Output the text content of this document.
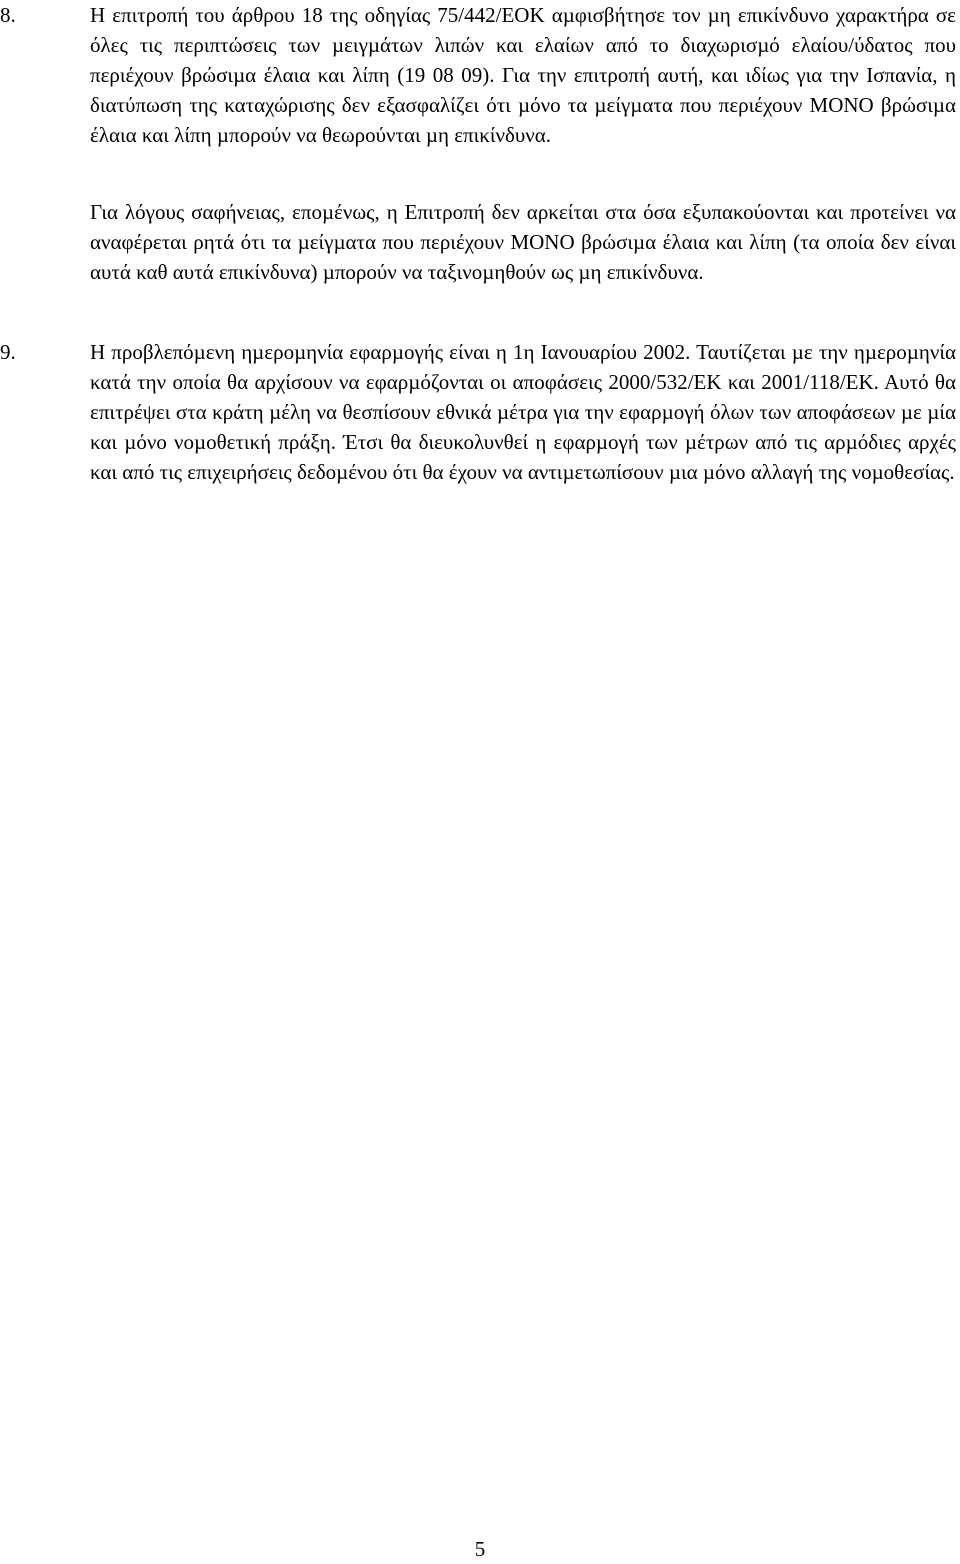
8.	Η επιτροπή του άρθρου 18 της οδηγίας 75/442/ΕΟΚ αµφισβήτησε τον µη επικίνδυνο χαρακτήρα σε όλες τις περιπτώσεις των µειγµάτων λιπών και ελαίων από το διαχωρισµό ελαίου/ύδατος που περιέχουν βρώσιµα έλαια και λίπη (19 08 09). Για την επιτροπή αυτή, και ιδίως για την Ισπανία, η διατύπωση της καταχώρισης δεν εξασφαλίζει ότι µόνο τα µείγµατα που περιέχουν ΜΟΝΟ βρώσιµα έλαια και λίπη µπορούν να θεωρούνται µη επικίνδυνα.

Για λόγους σαφήνειας, εποµένως, η Επιτροπή δεν αρκείται στα όσα εξυπακούονται και προτείνει να αναφέρεται ρητά ότι τα µείγµατα που περιέχουν ΜΟΝΟ βρώσιµα έλαια και λίπη (τα οποία δεν είναι αυτά καθ αυτά επικίνδυνα) µπορούν να ταξινοµηθούν ως µη επικίνδυνα.

9.	Η προβλεπόµενη ηµεροµηνία εφαρµογής είναι η 1η Ιανουαρίου 2002. Ταυτίζεται µε την ηµεροµηνία κατά την οποία θα αρχίσουν να εφαρµόζονται οι αποφάσεις 2000/532/ΕΚ και 2001/118/ΕΚ. Αυτό θα επιτρέψει στα κράτη µέλη να θεσπίσουν εθνικά µέτρα για την εφαρµογή όλων των αποφάσεων µε µία και µόνο νοµοθετική πράξη. Έτσι θα διευκολυνθεί η εφαρµογή των µέτρων από τις αρµόδιες αρχές και από τις επιχειρήσεις δεδοµένου ότι θα έχουν να αντιµετωπίσουν µια µόνο αλλαγή της νοµοθεσίας.

5
